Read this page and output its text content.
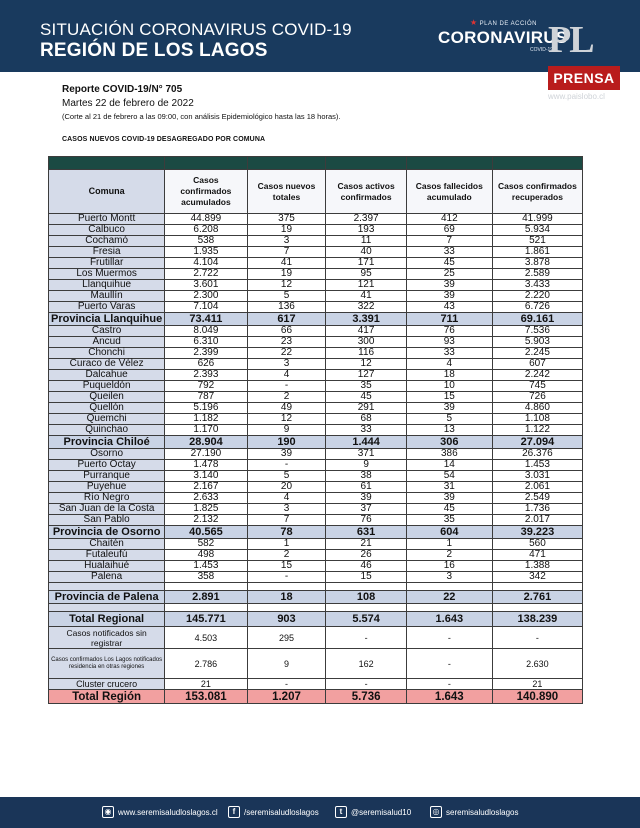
SITUACIÓN CORONAVIRUS COVID-19
REGIÓN DE LOS LAGOS
★ PLAN DE ACCIÓN
CORONAVIRUS
COVID-19
PL
PRENSA
www.paislobo.cl
Reporte COVID-19/N° 705
Martes 22 de febrero de 2022
(Corte al 21 de febrero a las 09:00, con análisis Epidemiológico hasta las 18 horas).
CASOS NUEVOS COVID-19 DESAGREGADO POR COMUNA

Comuna	Casos confirmados acumulados	Casos nuevos totales	Casos activos confirmados	Casos fallecidos acumulado	Casos confirmados recuperados
Puerto Montt	44.899	375	2.397	412	41.999
Calbuco	6.208	19	193	69	5.934
Cochamó	538	3	11	7	521
Fresia	1.935	7	40	33	1.861
Frutillar	4.104	41	171	45	3.878
Los Muermos	2.722	19	95	25	2.589
Llanquihue	3.601	12	121	39	3.433
Maullín	2.300	5	41	39	2.220
Puerto Varas	7.104	136	322	43	6.726
Provincia Llanquihue	73.411	617	3.391	711	69.161
Castro	8.049	66	417	76	7.536
Ancud	6.310	23	300	93	5.903
Chonchi	2.399	22	116	33	2.245
Curaco de Vélez	626	3	12	4	607
Dalcahue	2.393	4	127	18	2.242
Puqueldón	792	-	35	10	745
Queilen	787	2	45	15	726
Quellón	5.196	49	291	39	4.860
Quemchi	1.182	12	68	5	1.108
Quinchao	1.170	9	33	13	1.122
Provincia Chiloé	28.904	190	1.444	306	27.094
Osorno	27.190	39	371	386	26.376
Puerto Octay	1.478	-	9	14	1.453
Purranque	3.140	5	38	54	3.031
Puyehue	2.167	20	61	31	2.061
Río Negro	2.633	4	39	39	2.549
San Juan de la Costa	1.825	3	37	45	1.736
San Pablo	2.132	7	76	35	2.017
Provincia de Osorno	40.565	78	631	604	39.223
Chaitén	582	1	21	1	560
Futaleufú	498	2	26	2	471
Hualaihué	1.453	15	46	16	1.388
Palena	358	-	15	3	342

Provincia de Palena	2.891	18	108	22	2.761

Total Regional	145.771	903	5.574	1.643	138.239
Casos notificados sin registrar	4.503	295	-	-	-
Casos confirmados Los Lagos notificados residencia en otras regiones	2.786	9	162	-	2.630
Cluster crucero	21	-	-	-	21
Total Región	153.081	1.207	5.736	1.643	140.890
◉ www.seremisaludloslagos.cl	f	/seremisaludloslagos	t	@seremisalud10	◎ seremisaludloslagos
